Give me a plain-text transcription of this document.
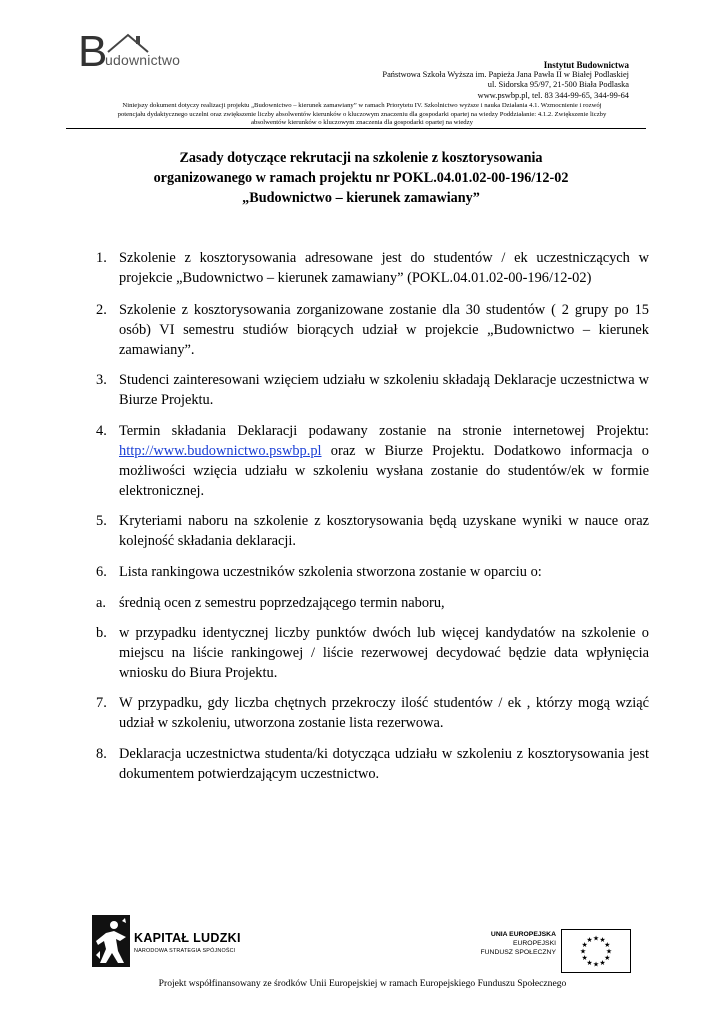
B
udownictwo	Instytut Budownictwa
Państwowa Szkoła Wyższa im. Papieża Jana Pawła II w Białej Podlaskiej
ul. Sidorska 95/97, 21-500 Biała Podlaska
www.pswbp.pl, tel. 83 344-99-65, 344-99-64
Niniejszy dokument dotyczy realizacji projektu „Budownictwo – kierunek zamawiany” w ramach Priorytetu IV. Szkolnictwo wyższe i nauka Działania 4.1. Wzmocnienie i rozwój
potencjału dydaktycznego uczelni oraz zwiększenie liczby absolwentów kierunków o kluczowym znaczeniu dla gospodarki opartej na wiedzy Poddziałanie: 4.1.2. Zwiększenie liczby
absolwentów kierunków o kluczowym znaczenia dla gospodarki opartej na wiedzy
Zasady dotyczące rekrutacji na szkolenie z kosztorysowania
organizowanego w ramach projektu nr POKL.04.01.02-00-196/12-02
„Budownictwo – kierunek zamawiany”
1. Szkolenie z kosztorysowania adresowane jest do studentów / ek uczestniczących w projekcie „Budownictwo – kierunek zamawiany” (POKL.04.01.02-00-196/12-02)
2. Szkolenie z kosztorysowania zorganizowane zostanie dla 30 studentów ( 2 grupy po 15 osób) VI semestru studiów biorących udział w projekcie „Budownictwo – kierunek zamawiany”.
3. Studenci zainteresowani wzięciem udziału w szkoleniu składają Deklaracje uczestnictwa w Biurze Projektu.
4. Termin składania Deklaracji podawany zostanie na stronie internetowej Projektu: http://www.budownictwo.pswbp.pl oraz w Biurze Projektu. Dodatkowo informacja o możliwości wzięcia udziału w szkoleniu wysłana zostanie do studentów/ek w formie elektronicznej.
5. Kryteriami naboru na szkolenie z kosztorysowania będą uzyskane wyniki w nauce oraz kolejność składania deklaracji.
6. Lista rankingowa uczestników szkolenia stworzona zostanie w oparciu o:
a. średnią ocen z semestru poprzedzającego termin naboru,
b. w przypadku identycznej liczby punktów dwóch lub więcej kandydatów na szkolenie o miejscu na liście rankingowej / liście rezerwowej decydować będzie data wpłynięcia wniosku do Biura Projektu.
7. W przypadku, gdy liczba chętnych przekroczy ilość studentów / ek , którzy mogą wziąć udział w szkoleniu, utworzona zostanie lista rezerwowa.
8. Deklaracja uczestnictwa studenta/ki dotycząca udziału w szkoleniu z kosztorysowania jest dokumentem potwierdzającym uczestnictwo.
KAPITAŁ LUDZKI
NARODOWA STRATEGIA SPÓJNOŚCI
UNIA EUROPEJSKA
EUROPEJSKI
FUNDUSZ SPOŁECZNY	★
★
★
★
★
★
★
★
★ ★ ★
★
Projekt współfinansowany ze środków Unii Europejskiej w ramach Europejskiego Funduszu Społecznego
